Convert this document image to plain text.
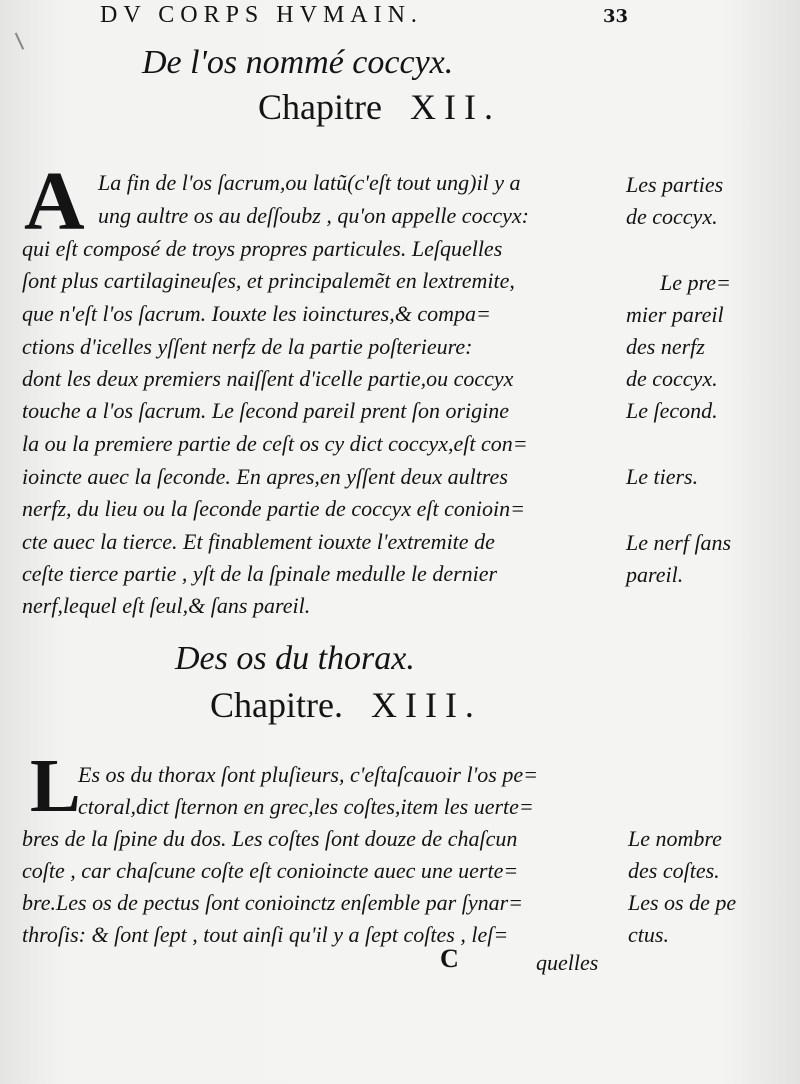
DV CORPS HVMAIN.	33
De l'os nommé coccyx.
Chapitre XII.
A La fin de l'os ſacrum,ou latũ(c'eſt tout ung)il y a
ung aultre os au deſſoubz , qu'on appelle coccyx:
qui eſt composé de troys propres particules. Leſquelles
ſont plus cartilagineuſes, et principalemẽt en lextremite,
que n'eſt l'os ſacrum. Iouxte les ioinctures,& compa=
ctions d'icelles yſſent nerfz de la partie poſterieure:
dont les deux premiers naiſſent d'icelle partie,ou coccyx
touche a l'os ſacrum. Le ſecond pareil prent ſon origine
la ou la premiere partie de ceſt os cy dict coccyx,eſt con=
ioincte auec la ſeconde. En apres,en yſſent deux aultres
nerfz, du lieu ou la ſeconde partie de coccyx eſt conioin=
cte auec la tierce. Et finablement iouxte l'extremite de
ceſte tierce partie , yſt de la ſpinale medulle le dernier
nerf,lequel eſt ſeul,& ſans pareil.
Les parties
de coccyx.
Le pre=
mier pareil
des nerfz
de coccyx.
Le ſecond.
Le tiers.
Le nerf ſans
pareil.
Des os du thorax.
Chapitre. XIII.
L
Es os du thorax ſont pluſieurs, c'eſtaſcauoir l'os pe=
ctoral,dict ſternon en grec,les coſtes,item les uerte=
bres de la ſpine du dos. Les coſtes ſont douze de chaſcun
coſte , car chaſcune coſte eſt conioincte auec une uerte=
bre.Les os de pectus ſont conioinctz enſemble par ſynar=
throſis: & ſont ſept , tout ainſi qu'il y a ſept coſtes , leſ=
Le nombre
des coſtes.
Les os de pe
ctus.
C	quelles
